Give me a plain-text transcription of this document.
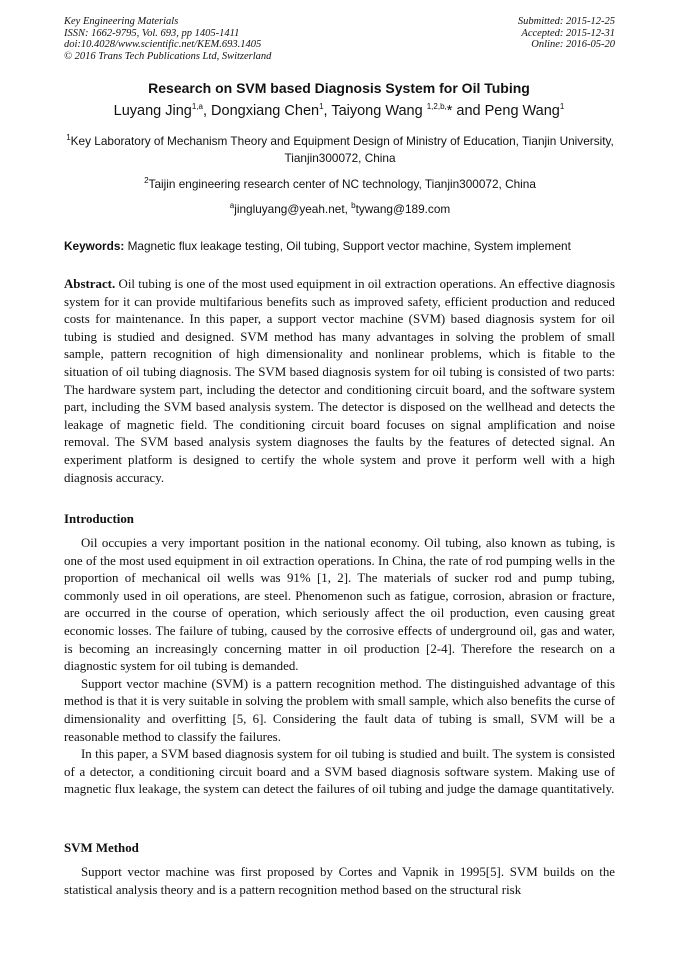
Key Engineering Materials
ISSN: 1662-9795, Vol. 693, pp 1405-1411
doi:10.4028/www.scientific.net/KEM.693.1405
© 2016 Trans Tech Publications Ltd, Switzerland
Submitted: 2015-12-25
Accepted: 2015-12-31
Online: 2016-05-20
Research on SVM based Diagnosis System for Oil Tubing
Luyang Jing$^{1,a}$, Dongxiang Chen$^1$, Taiyong Wang $^{1,2,b,}$* and Peng Wang$^1$
$^1$Key Laboratory of Mechanism Theory and Equipment Design of Ministry of Education, Tianjin University, Tianjin300072, China
$^2$Taijin engineering research center of NC technology, Tianjin300072, China
$^a$jingluyang@yeah.net, $^b$tywang@189.com
Keywords: Magnetic flux leakage testing, Oil tubing, Support vector machine, System implement

Abstract. Oil tubing is one of the most used equipment in oil extraction operations. An effective diagnosis system for it can provide multifarious benefits such as improved safety, efficient production and reduced costs for maintenance. In this paper, a support vector machine (SVM) based diagnosis system for oil tubing is studied and designed. SVM method has many advantages in solving the problem of small sample, pattern recognition of high dimensionality and nonlinear problems, which is fitable to the situation of oil tubing diagnosis. The SVM based diagnosis system for oil tubing is consisted of two parts: The hardware system part, including the detector and conditioning circuit board, and the software system part, including the SVM based analysis system. The detector is disposed on the wellhead and detects the leakage of magnetic field. The conditioning circuit board focuses on signal amplification and noise removal. The SVM based analysis system diagnoses the faults by the features of detected signal. An experiment platform is designed to certify the whole system and prove it perform well with a high diagnosis accuracy.

Introduction

Oil occupies a very important position in the national economy. Oil tubing, also known as tubing, is one of the most used equipment in oil extraction operations. In China, the rate of rod pumping wells in the proportion of mechanical oil wells was 91% [1, 2]. The materials of sucker rod and pump tubing, commonly used in oil operations, are steel. Phenomenon such as fatigue, corrosion, abrasion or fracture, are occurred in the course of operation, which seriously affect the oil production, even causing great economic losses. The failure of tubing, caused by the corrosive effects of underground oil, gas and water, is becoming an increasingly concerning matter in oil production [2-4]. Therefore the research on a diagnostic system for oil tubing is demanded.

Support vector machine (SVM) is a pattern recognition method. The distinguished advantage of this method is that it is very suitable in solving the problem with small sample, which also benefits the curse of dimensionality and overfitting [5, 6]. Considering the fault data of tubing is small, SVM will be a reasonable method to classify the failures.

In this paper, a SVM based diagnosis system for oil tubing is studied and built. The system is consisted of a detector, a conditioning circuit board and a SVM based diagnosis software system. Making use of magnetic flux leakage, the system can detect the failures of oil tubing and judge the damage quantitatively.

SVM Method

Support vector machine was first proposed by Cortes and Vapnik in 1995[5]. SVM builds on the statistical analysis theory and is a pattern recognition method based on the structural risk
